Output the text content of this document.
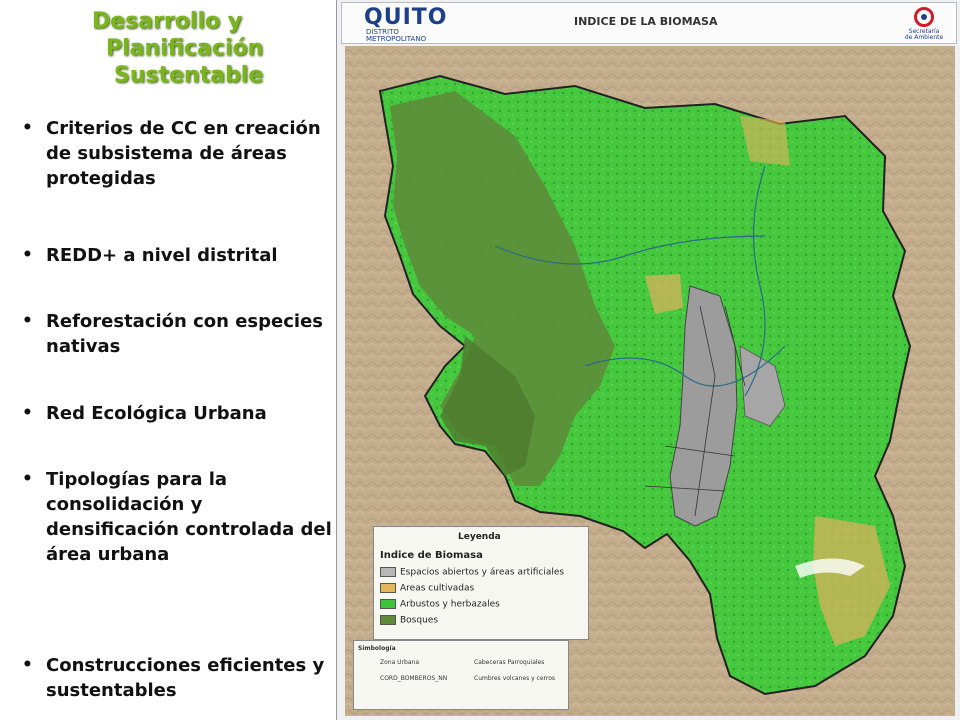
Desarrollo y
Planificación
Sustentable
• Criterios de CC en creación de subsistema de áreas protegidas
• REDD+ a nivel distrital
• Reforestación con especies nativas
• Red Ecológica Urbana
• Tipologías para la consolidación y densificación controlada del área urbana
• Construcciones eficientes y sustentables
QUITO
DISTRITO METROPOLITANO
INDICE DE LA BIOMASA
Secretaría de Ambiente
Leyenda
Indice de Biomasa
Espacios abiertos y áreas artificiales
Areas cultivadas
Arbustos y herbazales
Bosques
Simbología
Zona Urbana	Cabeceras Parroquiales
CORD_BOMBEROS_NN	Cumbres volcanes y cerros
